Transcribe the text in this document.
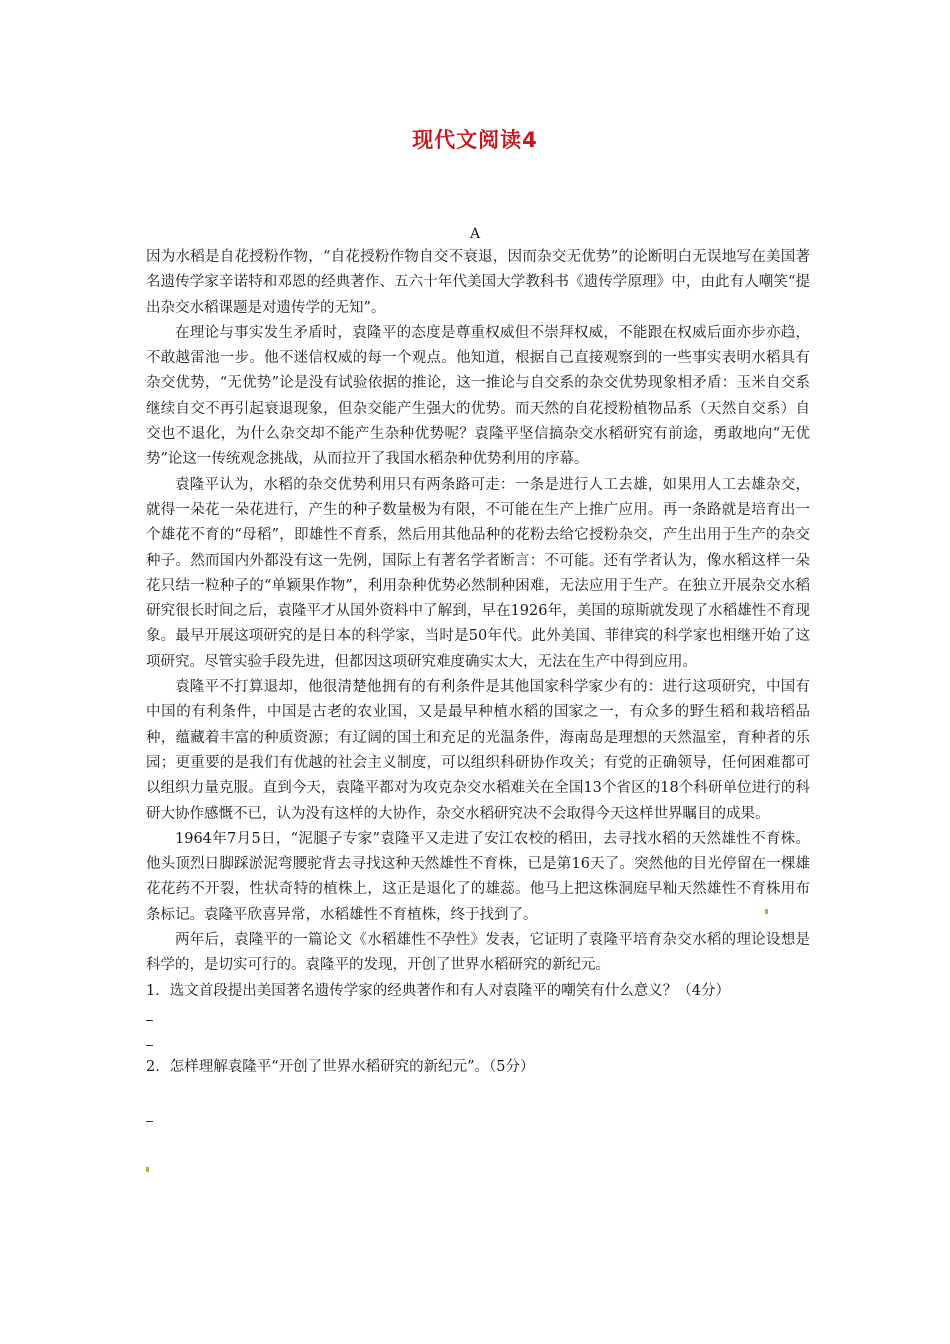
现代文阅读4
A

因为水稻是自花授粉作物，“自花授粉作物自交不衰退，因而杂交无优势”的论断明白无误地写在美国著名遗传学家辛诺特和邓恩的经典著作、五六十年代美国大学教科书《遗传学原理》中，由此有人嘲笑“提出杂交水稻课题是对遗传学的无知”。

在理论与事实发生矛盾时，袁隆平的态度是尊重权威但不崇拜权威，不能跟在权威后面亦步亦趋，不敢越雷池一步。他不迷信权威的每一个观点。他知道，根据自己直接观察到的一些事实表明水稻具有杂交优势，“无优势”论是没有试验依据的推论，这一推论与自交系的杂交优势现象相矛盾：玉米自交系继续自交不再引起衰退现象，但杂交能产生强大的优势。而天然的自花授粉植物品系（天然自交系）自交也不退化，为什么杂交却不能产生杂种优势呢？袁隆平坚信搞杂交水稻研究有前途，勇敢地向“无优势”论这一传统观念挑战，从而拉开了我国水稻杂种优势利用的序幕。

袁隆平认为，水稻的杂交优势利用只有两条路可走：一条是进行人工去雄，如果用人工去雄杂交，就得一朵花一朵花进行，产生的种子数量极为有限，不可能在生产上推广应用。再一条路就是培育出一个雄花不育的“母稻”，即雄性不育系，然后用其他品种的花粉去给它授粉杂交，产生出用于生产的杂交种子。然而国内外都没有这一先例，国际上有著名学者断言：不可能。还有学者认为，像水稻这样一朵花只结一粒种子的“单颖果作物”，利用杂种优势必然制种困难，无法应用于生产。在独立开展杂交水稻研究很长时间之后，袁隆平才从国外资料中了解到，早在1926年，美国的琼斯就发现了水稻雄性不育现象。最早开展这项研究的是日本的科学家，当时是50年代。此外美国、菲律宾的科学家也相继开始了这项研究。尽管实验手段先进，但都因这项研究难度确实太大，无法在生产中得到应用。

袁隆平不打算退却，他很清楚他拥有的有利条件是其他国家科学家少有的：进行这项研究，中国有中国的有利条件，中国是古老的农业国，又是最早种植水稻的国家之一，有众多的野生稻和栽培稻品种，蕴藏着丰富的种质资源；有辽阔的国土和充足的光温条件，海南岛是理想的天然温室，育种者的乐园；更重要的是我们有优越的社会主义制度，可以组织科研协作攻关；有党的正确领导，任何困难都可以组织力量克服。直到今天，袁隆平都对为攻克杂交水稻难关在全国13个省区的18个科研单位进行的科研大协作感慨不已，认为没有这样的大协作，杂交水稻研究决不会取得今天这样世界瞩目的成果。

1964年7月5日，“泥腿子专家”袁隆平又走进了安江农校的稻田，去寻找水稻的天然雄性不育株。他头顶烈日脚踩淤泥弯腰驼背去寻找这种天然雄性不育株，已是第16天了。突然他的目光停留在一棵雄花花药不开裂，性状奇特的植株上，这正是退化了的雄蕊。他马上把这株洞庭早籼天然雄性不育株用布条标记。袁隆平欣喜异常，水稻雄性不育植株，终于找到了。

两年后，袁隆平的一篇论文《水稻雄性不孕性》发表，它证明了袁隆平培育杂交水稻的理论设想是科学的，是切实可行的。袁隆平的发现，开创了世界水稻研究的新纪元。

1．选文首段提出美国著名遗传学家的经典著作和有人对袁隆平的嘲笑有什么意义？（4分）

2．怎样理解袁隆平“开创了世界水稻研究的新纪元”。（5分）
